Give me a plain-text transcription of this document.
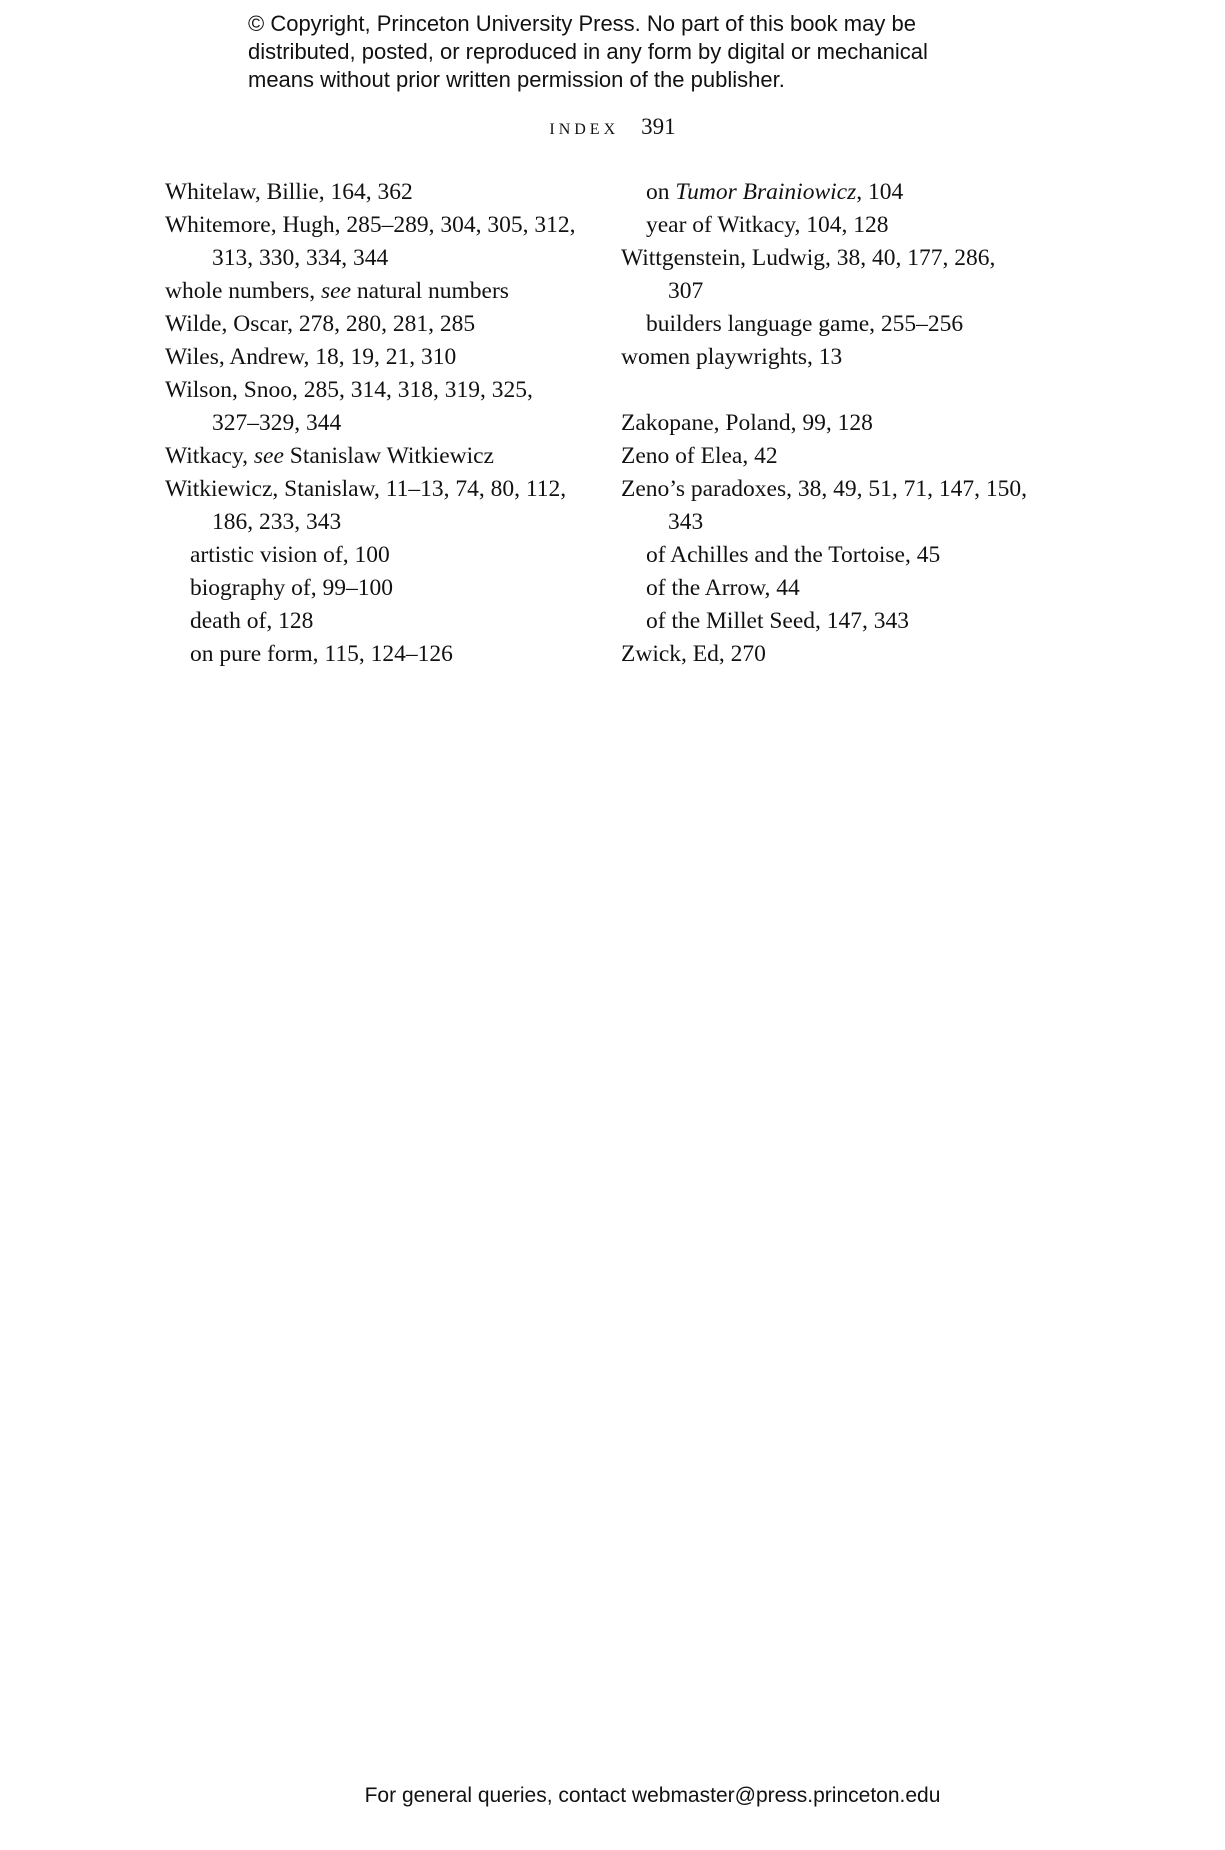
© Copyright, Princeton University Press. No part of this book may be
distributed, posted, or reproduced in any form by digital or mechanical
means without prior written permission of the publisher.
index 391
Whitelaw, Billie, 164, 362
Whitemore, Hugh, 285–289, 304, 305, 312,
313, 330, 334, 344
whole numbers, see natural numbers
Wilde, Oscar, 278, 280, 281, 285
Wiles, Andrew, 18, 19, 21, 310
Wilson, Snoo, 285, 314, 318, 319, 325,
327–329, 344
Witkacy, see Stanislaw Witkiewicz
Witkiewicz, Stanislaw, 11–13, 74, 80, 112,
186, 233, 343
artistic vision of, 100
biography of, 99–100
death of, 128
on pure form, 115, 124–126
on Tumor Brainiowicz, 104
year of Witkacy, 104, 128
Wittgenstein, Ludwig, 38, 40, 177, 286,
307
builders language game, 255–256
women playwrights, 13
Zakopane, Poland, 99, 128
Zeno of Elea, 42
Zeno’s paradoxes, 38, 49, 51, 71, 147, 150,
343
of Achilles and the Tortoise, 45
of the Arrow, 44
of the Millet Seed, 147, 343
Zwick, Ed, 270
For general queries, contact webmaster@press.princeton.edu
